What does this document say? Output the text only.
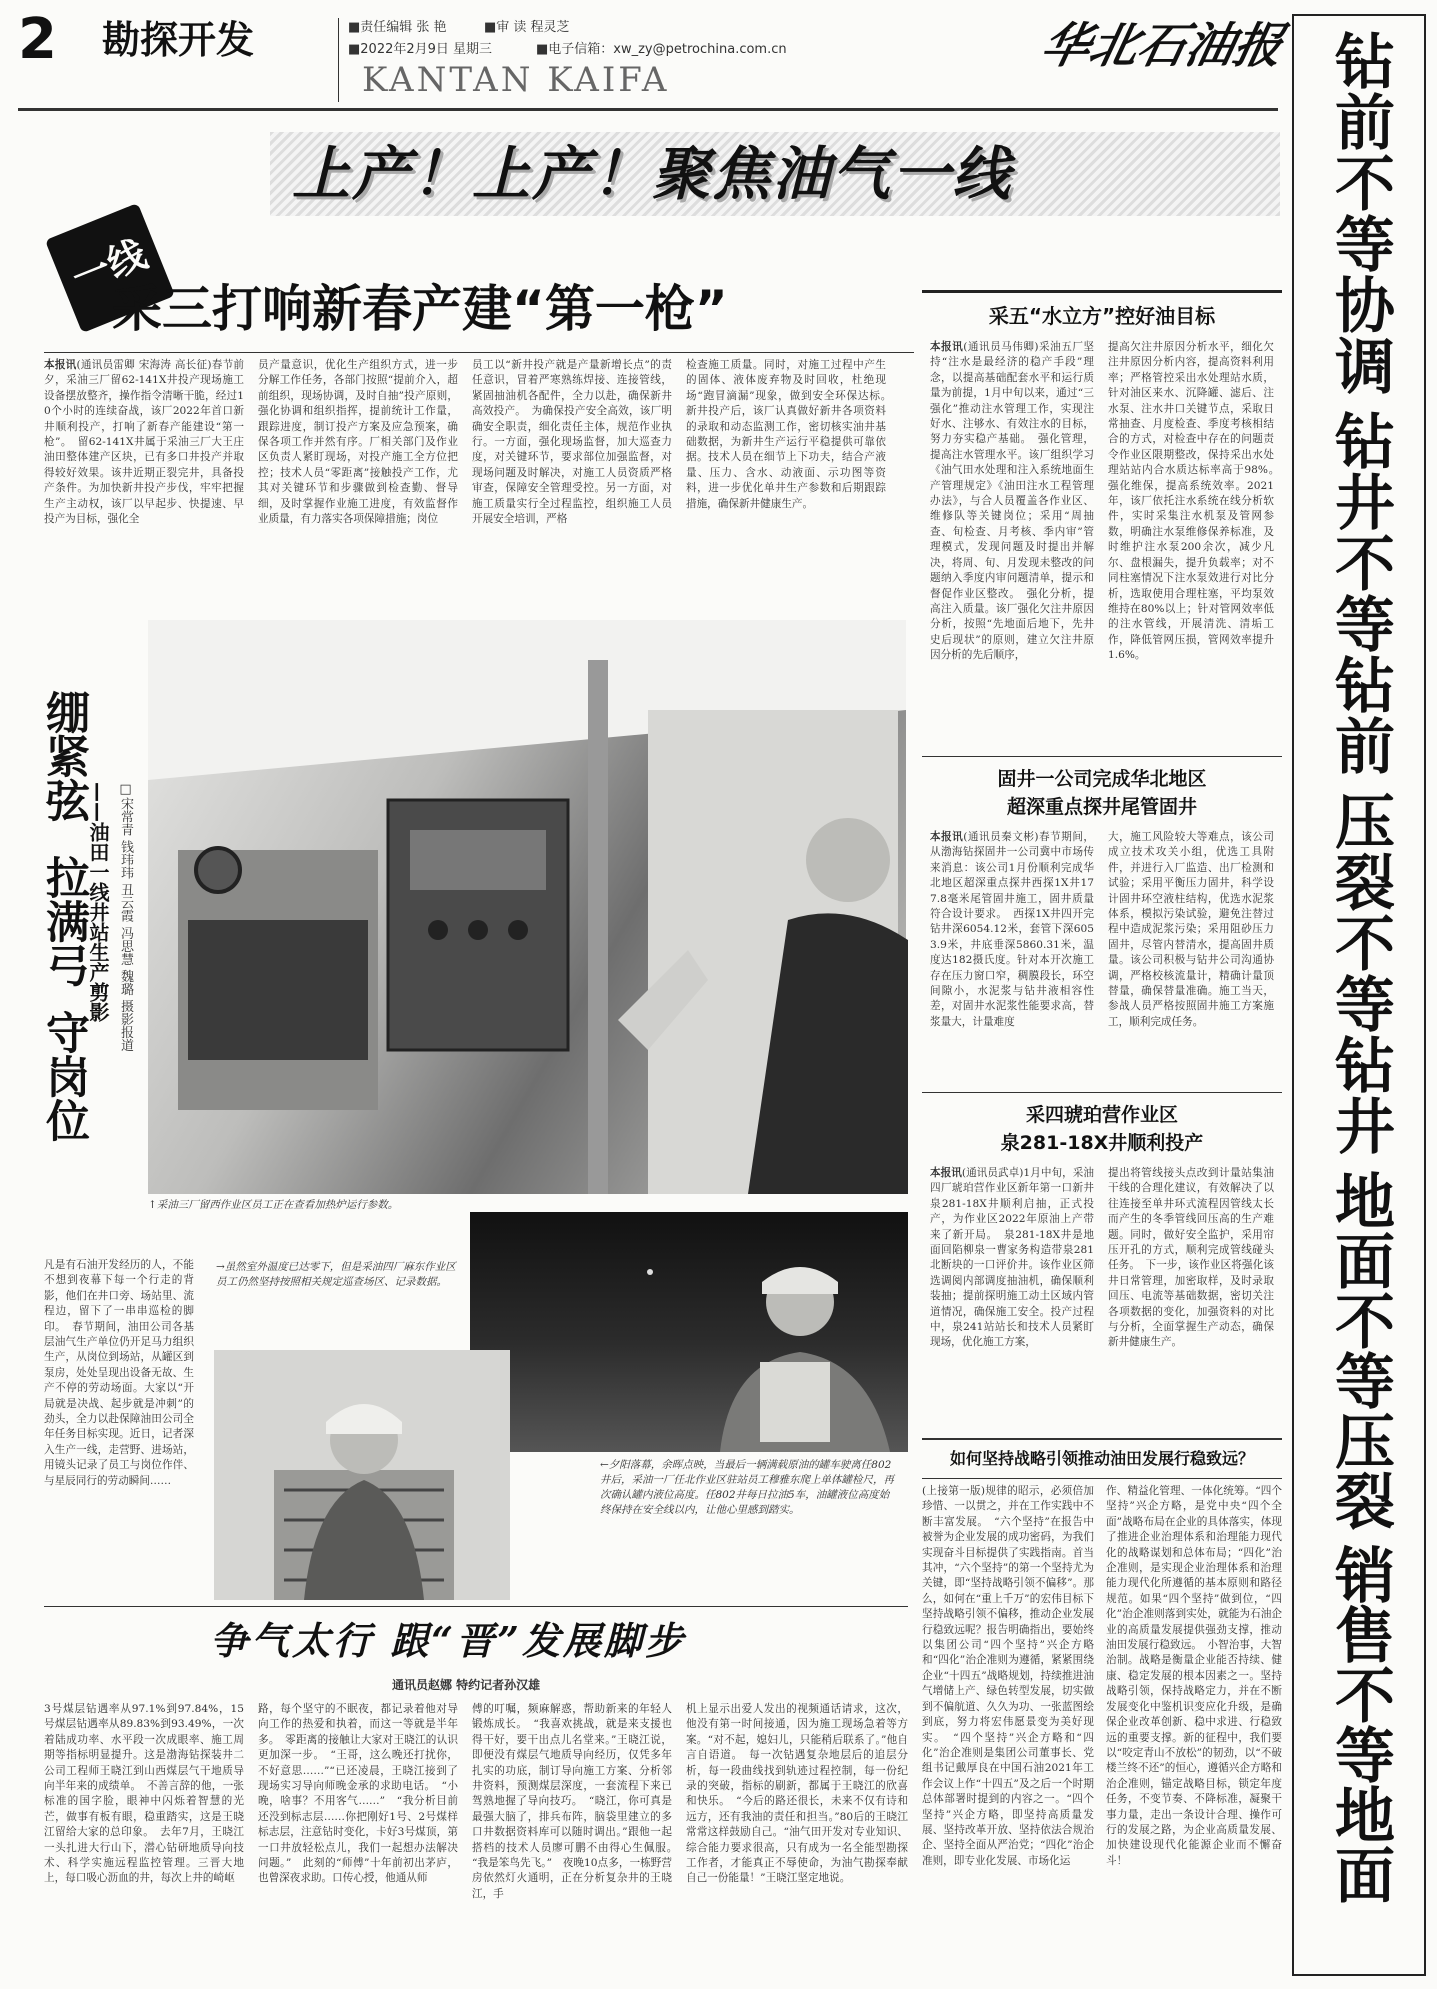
2 勘探开发	■责任编辑 张 艳	■审 读 程灵芝
■2022年2月9日 星期三	■电子信箱：xw_zy@petrochina.com.cn
KANTAN KAIFA
华北石油报 钻前不等协调
钻井不等钻前
压裂不等钻井
地面不等压裂
销售不等地面
上产！上产！聚焦油气一线
一线
采三打响新春产建“第一枪”
本报讯(通讯员雷卿 宋海涛 高长征)春节前夕，采油三厂留62-141X井投产现场施工设备摆放整齐，操作指令清晰干脆，经过10个小时的连续奋战，该厂2022年首口新井顺利投产，打响了新春产能建设“第一枪”。　留62-141X井属于采油三厂大王庄油田整体建产区块，已有多口井投产并取得较好效果。该井近期正裂完井，具备投产条件。为加快新井投产步伐，牢牢把握生产主动权，该厂以早起步、快提速、早投产为目标，强化全
员产量意识，优化生产组织方式，进一步分解工作任务，各部门按照“提前介入，超前组织，现场协调，及时自抽”投产原则，强化协调和组织指挥，提前统计工作量，跟踪进度，制订投产方案及应急预案，确保各项工作并然有序。厂相关部门及作业区负责人紧盯现场，对投产施工全方位把控；技术人员“零距离”接触投产工作，尤其对关键环节和步骤做到检查勤、督导细，及时掌握作业施工进度，有效监督作业质量，有力落实各项保障措施；岗位
员工以“新井投产就是产量新增长点”的责任意识，冒着严寒熟练焊接、连接管线，紧固抽油机各配件，全力以赴，确保新井高效投产。　为确保投产安全高效，该厂明确安全职责，细化责任主体，规范作业执行。一方面，强化现场监督，加大巡查力度，对关键环节，要求部位加强监督，对现场问题及时解决，对施工人员资质严格审查，保障安全管理受控。另一方面，对施工质量实行全过程监控，组织施工人员开展安全培训，严格
检查施工质量。同时，对施工过程中产生的固体、液体废弃物及时回收，杜绝现场“跑冒滴漏”现象，做到安全环保达标。　新井投产后，该厂认真做好新井各项资料的录取和动态监测工作，密切核实油井基础数据，为新井生产运行平稳提供可靠依据。技术人员在细节上下功夫，结合产液量、压力、含水、动液面、示功图等资料，进一步优化单井生产参数和后期跟踪措施，确保新井健康生产。
↑采油三厂留西作业区员工正在查看加热炉运行参数。
绷紧弦
拉满弓
守岗位
——油田一线井站生产剪影 □宋常青 钱玮玮 丑云霞 冯思慧 魏璐 摄影报道
凡是有石油开发经历的人，不能不想到夜幕下每一个行走的背影，他们在井口旁、场站里、流程边，留下了一串串巡检的脚印。　春节期间，油田公司各基层油气生产单位仍开足马力组织生产，从岗位到场站，从罐区到泵房，处处呈现出设备无故、生产不停的劳动场面。大家以“开局就是决战、起步就是冲刺”的劲头，全力以赴保障油田公司全年任务目标实现。近日，记者深入生产一线，走营野、进场站，用镜头记录了员工与岗位作伴、与星辰同行的劳动瞬间……
→虽然室外温度已达零下，但是采油四厂麻东作业区员工仍然坚持按照相关规定巡查场区、记录数据。
←夕阳落幕，余晖点映，当最后一辆满载原油的罐车驶离任802井后，采油一厂任北作业区驻站员工穆雅东爬上单体罐检尺，再次确认罐内液位高度。任802井每日拉油5车，油罐液位高度始终保持在安全线以内，让他心里感到踏实。
采五“水立方”控好油目标
本报讯(通讯员马伟卿)采油五厂坚持“注水是最经济的稳产手段”理念，以提高基础配套水平和运行质量为前提，1月中旬以来，通过“三强化”推动注水管理工作，实现注好水、注够水、有效注水的目标，努力夯实稳产基础。　强化管理，提高注水管理水平。该厂组织学习《油气田水处理和注入系统地面生产管理规定》《油田注水工程管理办法》，与合人员覆盖各作业区、维修队等关键岗位；采用“周抽查、旬检查、月考核、季内审”管理模式，发现问题及时提出并解决，将周、旬、月发现未整改的问题纳入季度内审问题清单，提示和督促作业区整改。　强化分析，提高注入质量。该厂强化欠注井原因分析，按照“先地面后地下，先井史后现状”的原则，建立欠注井原因分析的先后顺序，
提高欠注井原因分析水平，细化欠注井原因分析内容，提高资料利用率；严格管控采出水处理站水质，针对油区来水、沉降罐、滤后、注水泵、注水井口关键节点，采取日常抽查、月度检查、季度考核相结合的方式，对检查中存在的问题责令作业区限期整改，保持采出水处理站站内合水质达标率高于98%。　强化维保，提高系统效率。2021年，该厂依托注水系统在线分析软件，实时采集注水机泵及管网参数，明确注水泵维修保养标准，及时维护注水泵200余次，减少凡尔、盘根漏失，提升负载率；对不同柱塞情况下注水泵效进行对比分析，选取使用合理柱塞，平均泵效维持在80%以上；针对管网效率低的注水管线，开展清洗、清垢工作，降低管网压损，管网效率提升1.6%。
固井一公司完成华北地区
超深重点探井尾管固井
本报讯(通讯员秦文彬)春节期间，从渤海钻探固井一公司冀中市场传来消息：该公司1月份顺利完成华北地区超深重点探井西探1X井177.8毫米尾管固井施工，固井质量符合设计要求。　西探1X井四开完钻井深6054.12米，套管下深6053.9米，井底垂深5860.31米，温度达182摄氏度。针对本开次施工存在压力窗口窄，稠膜段长，环空间隙小，水泥浆与钻井液相容性差，对固井水泥浆性能要求高，替浆量大，计量难度
大，施工风险较大等难点，该公司成立技术攻关小组，优选工具附件，并进行入厂监造、出厂检测和试验；采用平衡压力固井，科学设计固井环空液柱结构，优选水泥浆体系，模拟污染试验，避免注替过程中造成泥浆污染；采用阻砂压力固井，尽管内替清水，提高固井质量。该公司积极与钻井公司沟通协调，严格校核流量计，精确计量顶替量，确保替量准确。施工当天，参战人员严格按照固井施工方案施工，顺利完成任务。
采四琥珀营作业区
泉281-18X井顺利投产
本报讯(通讯员武卓)1月中旬，采油四厂琥珀营作业区新年第一口新井泉281-18X井顺利启抽，正式投产，为作业区2022年原油上产带来了新开局。　泉281-18X井是地面回陷柳泉一曹家务构造带泉281北断块的一口评价井。该作业区筛选调阅内部调度抽油机，确保顺利装抽；提前探明施工动土区域内管道情况，确保施工安全。投产过程中，泉241站站长和技术人员紧盯现场，优化施工方案，
提出将管线接头点改到计量站集油干线的合理化建议，有效解决了以往连接至单井环式流程因管线太长而产生的冬季管线回压高的生产难题。同时，做好安全监护，采用帘压开孔的方式，顺利完成管线碰头任务。　下一步，该作业区将强化该井日常管理，加密取样，及时录取回压、电流等基础数据，密切关注各项数据的变化，加强资料的对比与分析，全面掌握生产动态，确保新井健康生产。
如何坚持战略引领推动油田发展行稳致远？
(上接第一版)规律的昭示，必须倍加珍惜、一以贯之，并在工作实践中不断丰富发展。　“六个坚持”在报告中被誉为企业发展的成功密码，为我们实现奋斗目标提供了实践指南。首当其冲，“六个坚持”的第一个坚持尤为关键，即“坚持战略引领不偏移”。那么，如何在“重上千万”的宏伟目标下坚持战略引领不偏移，推动企业发展行稳致远呢？报告明确指出，要始终以集团公司“四个坚持”兴企方略和“四化”治企准则为遵循，紧紧围绕企业“十四五”战略规划，持续推进油气增储上产、绿色转型发展，切实做到不偏航道、久久为功、一张蓝图绘到底，努力将宏伟愿景变为美好现实。　“四个坚持”兴企方略和“四化”治企准则是集团公司董事长、党组书记戴厚良在中国石油2021年工作会议上作“十四五”及之后一个时期总体部署时提到的内容之一。“四个坚持”兴企方略，即坚持高质量发展、坚持改革开放、坚持依法合规治企、坚持全面从严治党；“四化”治企准则，即专业化发展、市场化运
作、精益化管理、一体化统筹。“四个坚持”兴企方略，是党中央“四个全面”战略布局在企业的具体落实，体现了推进企业治理体系和治理能力现代化的战略谋划和总体布局；“四化”治企准则，是实现企业治理体系和治理能力现代化所遵循的基本原则和路径规范。如果“四个坚持”做到位，“四化”治企准则落到实处，就能为石油企业的高质量发展提供强劲支撑，推动油田发展行稳致远。　小智治事，大智治制。战略是衡量企业能否持续、健康、稳定发展的根本因素之一。坚持战略引领，保持战略定力，并在不断发展变化中鉴机识变应化升级，是确保企业改革创新、稳中求进、行稳致远的重要支撑。新的征程中，我们要以“咬定青山不放松”的韧劲，以“不破楼兰终不还”的恒心，遵循兴企方略和治企准则，锚定战略目标，锁定年度任务，不变节奏、不降标准，凝聚干事力量，走出一条设计合理、操作可行的发展之路，为企业高质量发展、加快建设现代化能源企业而不懈奋斗！
争气太行 跟“晋”发展脚步
通讯员赵娜 特约记者孙汉雄
3号煤层钻遇率从97.1%到97.84%，15号煤层钻遇率从89.83%到93.49%，一次着陆成功率、水平段一次成眼率、施工周期等指标明显提升。这是渤海钻探装井二公司工程师王晓江到山西煤层气干地质导向半年来的成绩单。　不善言辞的他，一张标准的国字脸，眼神中闪烁着智慧的光芒，做事有板有眼，稳重踏实，这是王晓江留给大家的总印象。　去年7月，王晓江一头扎进大行山下，潜心钻研地质导向技术、科学实施远程监控管理。三晋大地上，每口吸心沥血的井，每次上井的崎岖
路，每个坚守的不眠夜，都记录着他对导向工作的热爱和执着，而这一等就是半年多。　零距离的接触让大家对王晓江的认识更加深一步。　“王哥，这么晚还打扰你，不好意思……”“已还凌晨，王晓江接到了现场实习导向师晚金承的求助电话。　“小晚，啥事？不用客气……”　“我分析目前还没到标志层……你把刚好1号、2号煤样标志层，注意钻时变化，卡好3号煤顶，第一口井放轻松点儿，我们一起想办法解决问题。”　此刻的“师傅”十年前初出茅庐，也曾深夜求助。口传心授，他通从师
傅的叮嘱，频麻解惑，帮助新来的年轻人锻炼成长。　“我喜欢挑战，就是来支援也得干好，要干出点儿名堂来。”王晓江说，即便没有煤层气地质导向经历，仅凭多年扎实的功底，制订导向施工方案、分析邻井资料，预测煤层深度，一套流程下来已驾熟地握了导向技巧。　“晓江，你可真是最强大脑了，排兵布阵，脑袋里建立的多口井数据资料库可以随时调出。”跟他一起搭档的技术人员廖可鹏不由得心生佩服。　“我是笨鸟先飞。”　夜晚10点多，一栋野营房依然灯火通明，正在分析复杂井的王晓江，手
机上显示出爱人发出的视频通话请求，这次，他没有第一时间接通，因为施工现场急着等方案。“对不起，媳妇儿，只能稍后联系了。”他自言自语道。　每一次钻遇复杂地层后的追层分析，每一段曲线找到轨迹过程控制，每一份纪录的突破，指标的刷新，都属于王晓江的欣喜和快乐。　“今后的路还很长，未来不仅有诗和远方，还有我油的责任和担当。”80后的王晓江常常这样鼓励自己。“油气田开发对专业知识、综合能力要求很高，只有成为一名全能型勘探工作者，才能真正不辱使命，为油气勘探奉献自己一份能量！”王晓江坚定地说。
